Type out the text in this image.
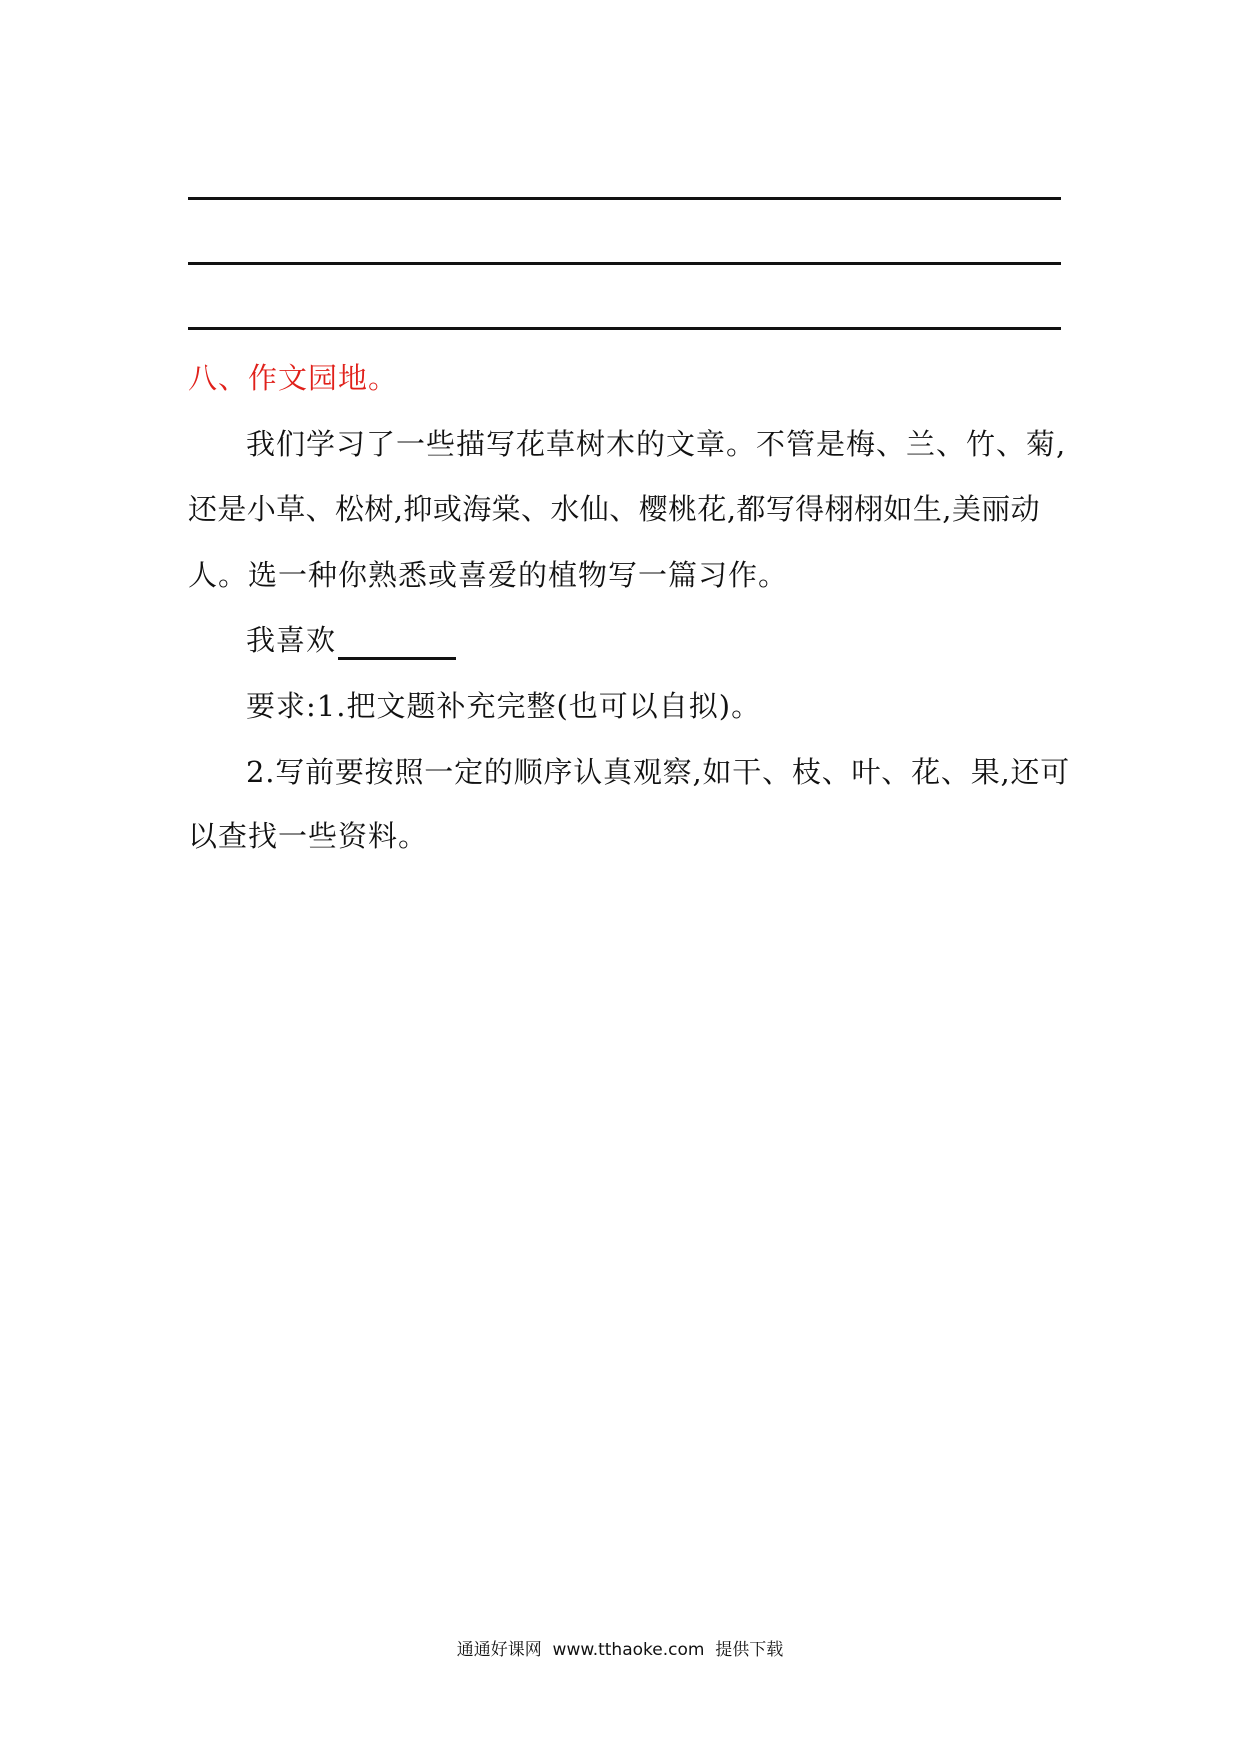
八、作文园地。
我们学习了一些描写花草树木的文章。不管是梅、兰、竹、菊,
还是小草、松树,抑或海棠、水仙、樱桃花,都写得栩栩如生,美丽动
人。选一种你熟悉或喜爱的植物写一篇习作。
我喜欢
要求:1.把文题补充完整(也可以自拟)。
2.写前要按照一定的顺序认真观察,如干、枝、叶、花、果,还可
以查找一些资料。
通通好课网  www.tthaoke.com  提供下载
